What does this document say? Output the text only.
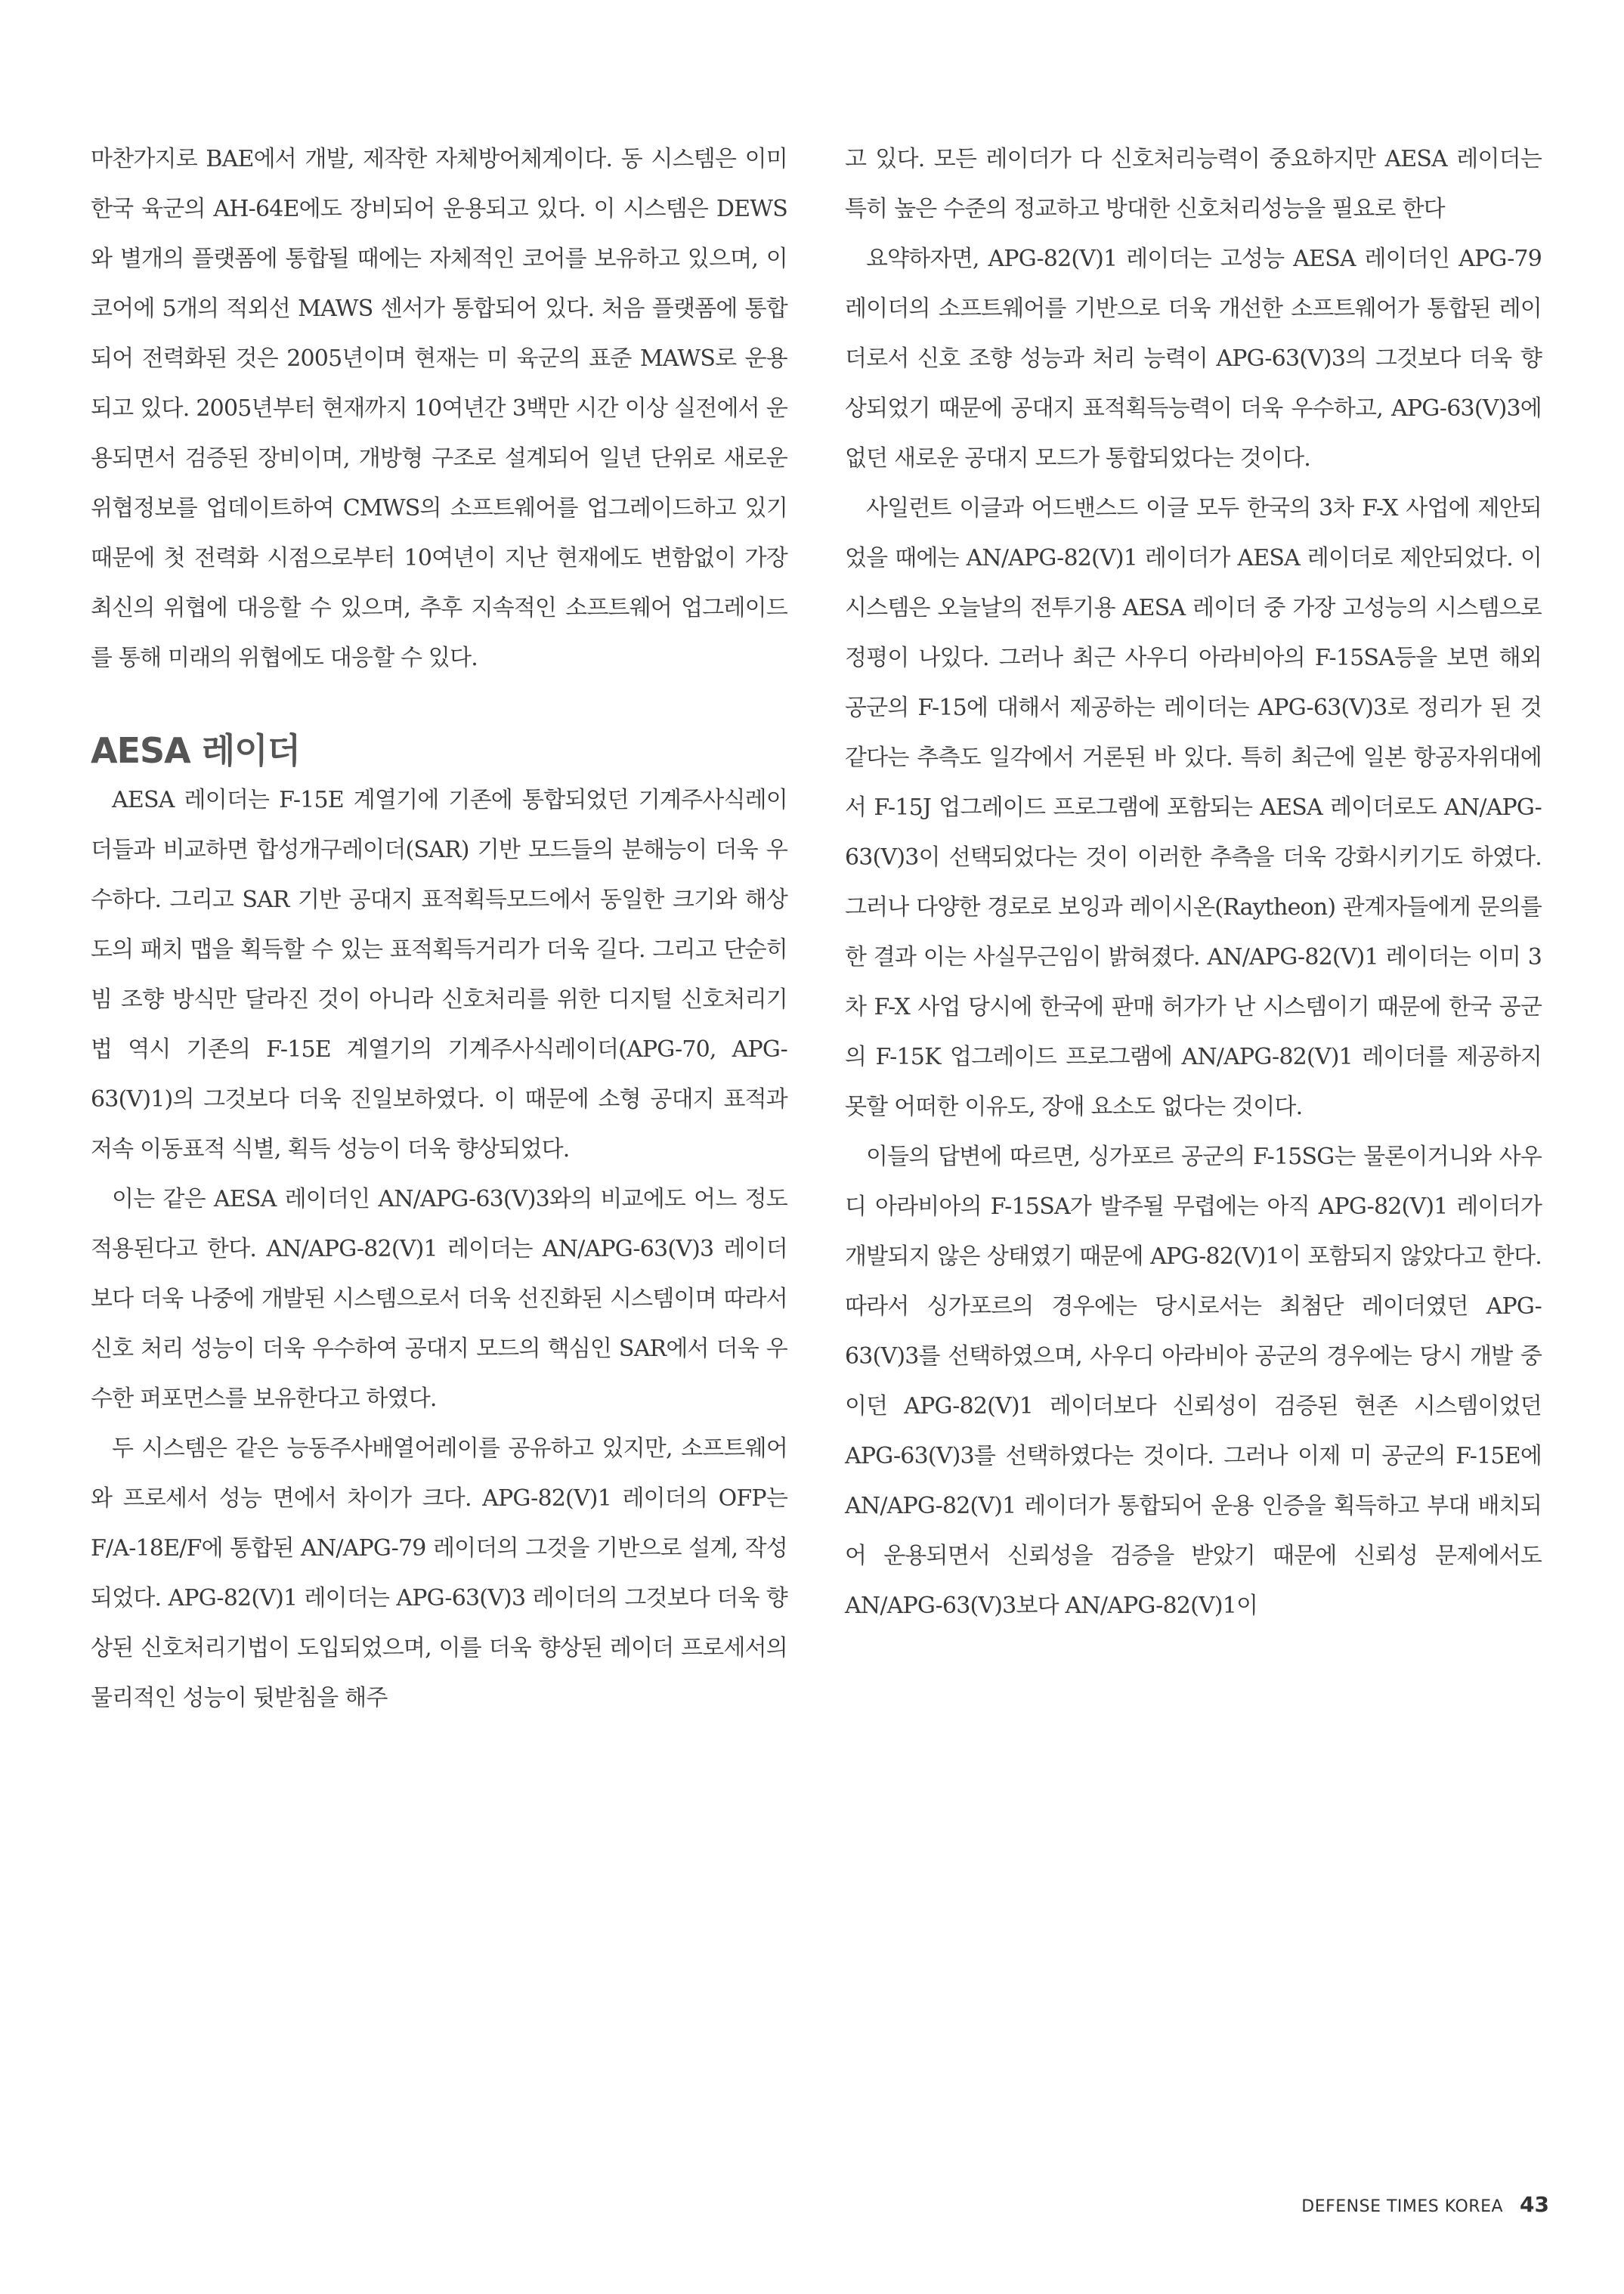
마찬가지로 BAE에서 개발, 제작한 자체방어체계이다. 동 시스템은 이미 한국 육군의 AH-64E에도 장비되어 운용되고 있다. 이 시스템은 DEWS와 별개의 플랫폼에 통합될 때에는 자체적인 코어를 보유하고 있으며, 이 코어에 5개의 적외선 MAWS 센서가 통합되어 있다. 처음 플랫폼에 통합되어 전력화된 것은 2005년이며 현재는 미 육군의 표준 MAWS로 운용되고 있다. 2005년부터 현재까지 10여년간 3백만 시간 이상 실전에서 운용되면서 검증된 장비이며, 개방형 구조로 설계되어 일년 단위로 새로운 위협정보를 업데이트하여 CMWS의 소프트웨어를 업그레이드하고 있기 때문에 첫 전력화 시점으로부터 10여년이 지난 현재에도 변함없이 가장 최신의 위협에 대응할 수 있으며, 추후 지속적인 소프트웨어 업그레이드를 통해 미래의 위협에도 대응할 수 있다.

AESA 레이더

AESA 레이더는 F-15E 계열기에 기존에 통합되었던 기계주사식레이더들과 비교하면 합성개구레이더(SAR) 기반 모드들의 분해능이 더욱 우수하다. 그리고 SAR 기반 공대지 표적획득모드에서 동일한 크기와 해상도의 패치 맵을 획득할 수 있는 표적획득거리가 더욱 길다. 그리고 단순히 빔 조향 방식만 달라진 것이 아니라 신호처리를 위한 디지털 신호처리기법 역시 기존의 F-15E 계열기의 기계주사식레이더(APG-70, APG-63(V)1)의 그것보다 더욱 진일보하였다. 이 때문에 소형 공대지 표적과 저속 이동표적 식별, 획득 성능이 더욱 향상되었다.

이는 같은 AESA 레이더인 AN/APG-63(V)3와의 비교에도 어느 정도 적용된다고 한다. AN/APG-82(V)1 레이더는 AN/APG-63(V)3 레이더보다 더욱 나중에 개발된 시스템으로서 더욱 선진화된 시스템이며 따라서 신호 처리 성능이 더욱 우수하여 공대지 모드의 핵심인 SAR에서 더욱 우수한 퍼포먼스를 보유한다고 하였다.

두 시스템은 같은 능동주사배열어레이를 공유하고 있지만, 소프트웨어와 프로세서 성능 면에서 차이가 크다. APG-82(V)1 레이더의 OFP는 F/A-18E/F에 통합된 AN/APG-79 레이더의 그것을 기반으로 설계, 작성되었다. APG-82(V)1 레이더는 APG-63(V)3 레이더의 그것보다 더욱 향상된 신호처리기법이 도입되었으며, 이를 더욱 향상된 레이더 프로세서의 물리적인 성능이 뒷받침을 해주

고 있다. 모든 레이더가 다 신호처리능력이 중요하지만 AESA 레이더는 특히 높은 수준의 정교하고 방대한 신호처리성능을 필요로 한다

요약하자면, APG-82(V)1 레이더는 고성능 AESA 레이더인 APG-79 레이더의 소프트웨어를 기반으로 더욱 개선한 소프트웨어가 통합된 레이더로서 신호 조향 성능과 처리 능력이 APG-63(V)3의 그것보다 더욱 향상되었기 때문에 공대지 표적획득능력이 더욱 우수하고, APG-63(V)3에 없던 새로운 공대지 모드가 통합되었다는 것이다.

사일런트 이글과 어드밴스드 이글 모두 한국의 3차 F-X 사업에 제안되었을 때에는 AN/APG-82(V)1 레이더가 AESA 레이더로 제안되었다. 이 시스템은 오늘날의 전투기용 AESA 레이더 중 가장 고성능의 시스템으로 정평이 나있다. 그러나 최근 사우디 아라비아의 F-15SA등을 보면 해외 공군의 F-15에 대해서 제공하는 레이더는 APG-63(V)3로 정리가 된 것 같다는 추측도 일각에서 거론된 바 있다. 특히 최근에 일본 항공자위대에서 F-15J 업그레이드 프로그램에 포함되는 AESA 레이더로도 AN/APG-63(V)3이 선택되었다는 것이 이러한 추측을 더욱 강화시키기도 하였다. 그러나 다양한 경로로 보잉과 레이시온(Raytheon) 관계자들에게 문의를 한 결과 이는 사실무근임이 밝혀졌다. AN/APG-82(V)1 레이더는 이미 3차 F-X 사업 당시에 한국에 판매 허가가 난 시스템이기 때문에 한국 공군의 F-15K 업그레이드 프로그램에 AN/APG-82(V)1 레이더를 제공하지 못할 어떠한 이유도, 장애 요소도 없다는 것이다.

이들의 답변에 따르면, 싱가포르 공군의 F-15SG는 물론이거니와 사우디 아라비아의 F-15SA가 발주될 무렵에는 아직 APG-82(V)1 레이더가 개발되지 않은 상태였기 때문에 APG-82(V)1이 포함되지 않았다고 한다. 따라서 싱가포르의 경우에는 당시로서는 최첨단 레이더였던 APG-63(V)3를 선택하였으며, 사우디 아라비아 공군의 경우에는 당시 개발 중이던 APG-82(V)1 레이더보다 신뢰성이 검증된 현존 시스템이었던 APG-63(V)3를 선택하였다는 것이다. 그러나 이제 미 공군의 F-15E에 AN/APG-82(V)1 레이더가 통합되어 운용 인증을 획득하고 부대 배치되어 운용되면서 신뢰성을 검증을 받았기 때문에 신뢰성 문제에서도 AN/APG-63(V)3보다 AN/APG-82(V)1이

DEFENSE TIMES KOREA 43
